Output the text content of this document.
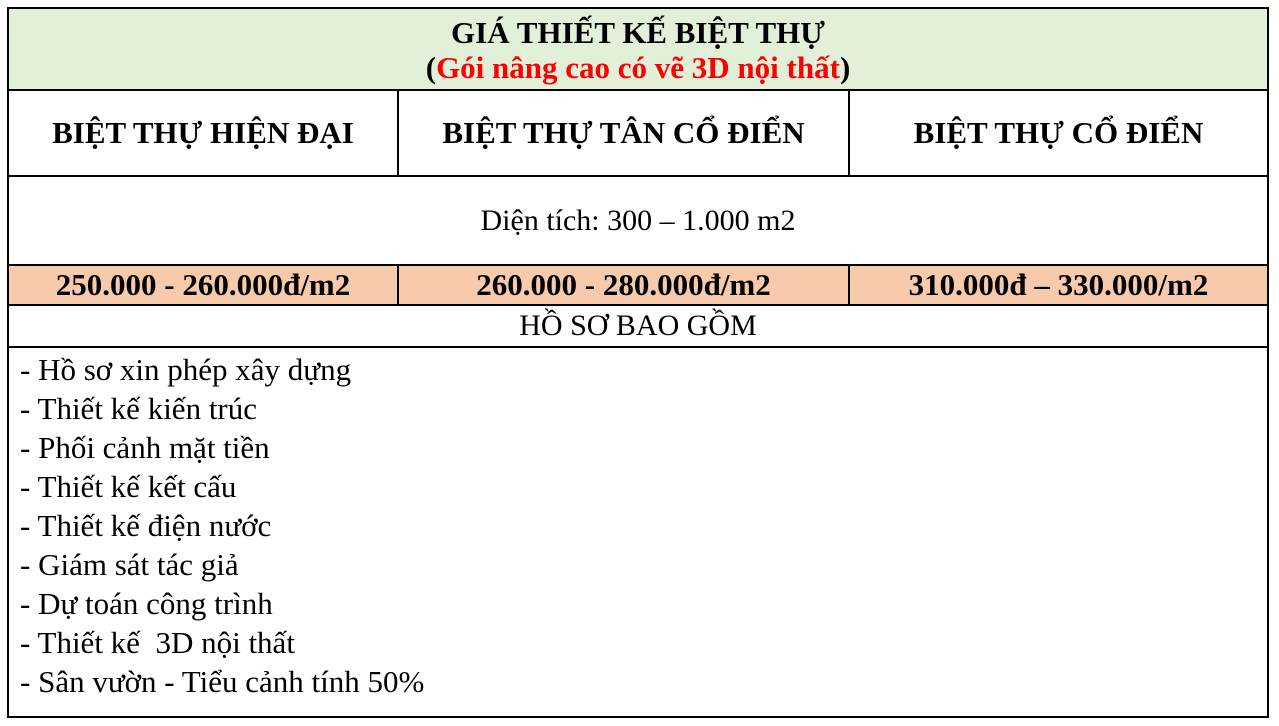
GIÁ THIẾT KẾ BIỆT THỰ
(Gói nâng cao có vẽ 3D nội thất)
BIỆT THỰ HIỆN ĐẠI	BIỆT THỰ TÂN CỔ ĐIỂN	BIỆT THỰ CỔ ĐIỂN
Diện tích: 300 – 1.000 m2
250.000 - 260.000đ/m2	260.000 - 280.000đ/m2	310.000đ – 330.000/m2
HỒ SƠ BAO GỒM
- Hồ sơ xin phép xây dựng
- Thiết kế kiến trúc
- Phối cảnh mặt tiền
- Thiết kế kết cấu
- Thiết kế điện nước
- Giám sát tác giả
- Dự toán công trình
- Thiết kế  3D nội thất
- Sân vườn - Tiểu cảnh tính 50%
